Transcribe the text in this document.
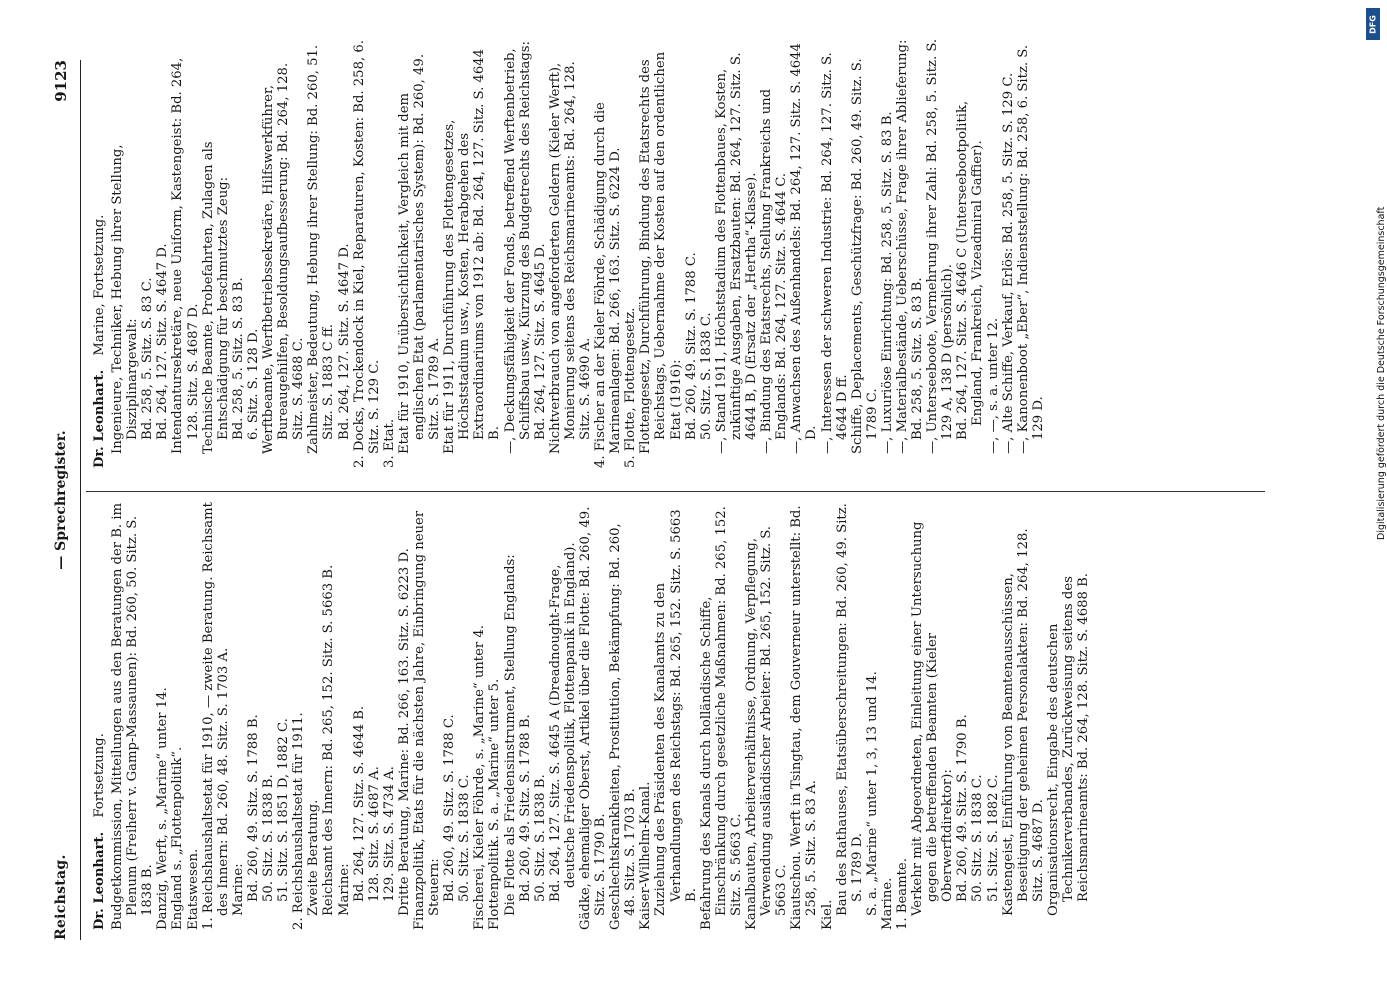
Reichstag.
— Sprechregister.
9123
Dr. Leonhart. Fortsetzung. Budgetkommission, Mitteilungen aus den Beratungen der B. im Plenum (Freiherr v. Gamp-Massaunen): Bd. 260, 50. Sitz. S. 1838 B. Danzig, Werft, s. „Marine“ unter 14. England s. „Flottenpolitik“. Etatswesen. 1. Reichshaushaltsetat für 1910, — zweite Beratung. Reichsamt des Innern: Bd. 260, 48. Sitz. S. 1703 A. Marine: Bd. 260, 49. Sitz. S. 1788 B. 50. Sitz. S. 1838 B. 51. Sitz. S. 1851 D, 1882 C. 2. Reichshaushaltsetat für 1911. Zweite Beratung. Reichsamt des Innern: Bd. 265, 152. Sitz. S. 5663 B. Marine: Bd. 264, 127. Sitz. S. 4644 B. 128. Sitz. S. 4687 A. 129. Sitz. S. 4734 A. Dritte Beratung, Marine: Bd. 266, 163. Sitz. S. 6223 D. Finanzpolitik, Etats für die nächsten Jahre, Einbringung neuer Steuern: Bd. 260, 49. Sitz. S. 1788 C. 50. Sitz. S. 1838 C. Fischerei, Kieler Föhrde, s. „Marine“ unter 4. Flottenpolitik. S. a. „Marine“ unter 5. Die Flotte als Friedensinstrument, Stellung Englands: Bd. 260, 49. Sitz. S. 1788 B. 50. Sitz. S. 1838 B. Bd. 264, 127. Sitz. S. 4645 A (Dreadnought-Frage, deutsche Friedenspolitik, Flottenpanik in England). Gädke, ehemaliger Oberst, Artikel über die Flotte: Bd. 260, 49. Sitz. S. 1790 B. Geschlechtskrankheiten, Prostitution, Bekämpfung: Bd. 260, 48. Sitz. S. 1703 B. Kaiser-Wilhelm-Kanal. Zuziehung des Präsidenten des Kanalamts zu den Verhandlungen des Reichstags: Bd. 265, 152. Sitz. S. 5663 B. Befahrung des Kanals durch holländische Schiffe, Einschränkung durch gesetzliche Maßnahmen: Bd. 265, 152. Sitz. S. 5663 C. Kanalbauten, Arbeiterverhältnisse, Ordnung, Verpflegung, Verwendung ausländischer Arbeiter: Bd. 265, 152. Sitz. S. 5663 C. Kiautschou. Werft in Tsingtau, dem Gouverneur unterstellt: Bd. 258, 5. Sitz. S. 83 A. Kiel. Bau des Rathauses, Etatsüberschreitungen: Bd. 260, 49. Sitz. S. 1789 D. S. a. „Marine“ unter 1, 3, 13 und 14. Marine. 1. Beamte. Verkehr mit Abgeordneten, Einleitung einer Untersuchung gegen die betreffenden Beamten (Kieler Oberwerftdirektor): Bd. 260, 49. Sitz. S. 1790 B. 50. Sitz. S. 1838 C. 51. Sitz. S. 1882 C. Kastengeist, Einführung von Beamtenausschüssen, Beseitigung der geheimen Personalakten: Bd. 264, 128. Sitz. S. 4687 D. Organisationsrecht, Eingabe des deutschen Technikerverbandes, Zurückweisung seitens des Reichsmarineamts: Bd. 264, 128. Sitz. S. 4688 B.

Dr. Leonhart. Marine, Fortsetzung. Ingenieure, Techniker, Hebung ihrer Stellung, Disziplinargewalt: Bd. 258, 5. Sitz. S. 83 C. Bd. 264, 127. Sitz. S. 4647 D. Intendantursekretäre, neue Uniform, Kastengeist: Bd. 264, 128. Sitz. S. 4687 D. Technische Beamte, Probefahrten, Zulagen als Entschädigung für beschmutztes Zeug: Bd. 258, 5. Sitz. S. 83 B. 6. Sitz. S. 128 D. Werftbeamte, Werftbetriebssekretäre, Hilfswerkführer, Bureaugehilfen, Besoldungsaufbesserung: Bd. 264, 128. Sitz. S. 4688 C. Zahlmeister, Bedeutung, Hebung ihrer Stellung: Bd. 260, 51. Sitz. S. 1883 C ff. Bd. 264, 127. Sitz. S. 4647 D. 2. Docks, Trockendock in Kiel, Reparaturen, Kosten: Bd. 258, 6. Sitz. S. 129 C. 3. Etat. Etat für 1910, Unübersichtlichkeit, Vergleich mit dem englischen Etat (parlamentarisches System): Bd. 260, 49. Sitz. S. 1789 A. Etat für 1911, Durchführung des Flottengesetzes, Höchststadium usw., Kosten, Herabgehen des Extraordinariums von 1912 ab: Bd. 264, 127. Sitz. S. 4644 B. —, Deckungsfähigkeit der Fonds, betreffend Werftenbetrieb, Schiffsbau usw., Kürzung des Budgetrechts des Reichstags: Bd. 264, 127. Sitz. S. 4645 D. Nichtverbrauch von angeforderten Geldern (Kieler Werft), Monierung seitens des Reichsmarineamts: Bd. 264, 128. Sitz. S. 4690 A. 4. Fischer an der Kieler Föhrde, Schädigung durch die Marineanlagen: Bd. 266, 163. Sitz. S. 6224 D. 5. Flotte, Flottengesetz. Flottengesetz, Durchführung, Bindung des Etatsrechts des Reichstags, Uebernahme der Kosten auf den ordentlichen Etat (1916): Bd. 260, 49. Sitz. S. 1788 C. 50. Sitz. S. 1838 C. —, Stand 1911, Höchststadium des Flottenbaues, Kosten, zukünftige Ausgaben, Ersatzbauten: Bd. 264, 127. Sitz. S. 4644 B, D (Ersatz der „Hertha“-Klasse). —, Bindung des Etatsrechts, Stellung Frankreichs und Englands: Bd. 264, 127. Sitz. S. 4644 C. —, Anwachsen des Außenhandels: Bd. 264, 127. Sitz. S. 4644 D. —, Interessen der schweren Industrie: Bd. 264, 127. Sitz. S. 4644 D ff. Schiffe, Deplacements, Geschützfrage: Bd. 260, 49. Sitz. S. 1789 C. —, Luxuriöse Einrichtung: Bd. 258, 5. Sitz. S. 83 B. —, Materialbestände, Ueberschüsse, Frage ihrer Ablieferung: Bd. 258, 5. Sitz. S. 83 B. —, Unterseeboote, Vermehrung ihrer Zahl: Bd. 258, 5. Sitz. S. 129 A, 138 D (persönlich). Bd. 264, 127. Sitz. S. 4646 C (Unterseebootpolitik, England, Frankreich, Vizeadmiral Gaffier). —, —, s. a. unter 12. —, Alte Schiffe, Verkauf, Erlös: Bd. 258, 5. Sitz. S. 129 C. —, Kanonenboot „Eber“, Indienststellung: Bd. 258, 6. Sitz. S. 129 D.

DFG
Digitalisierung gefördert durch die Deutsche Forschungsgemeinschaft
